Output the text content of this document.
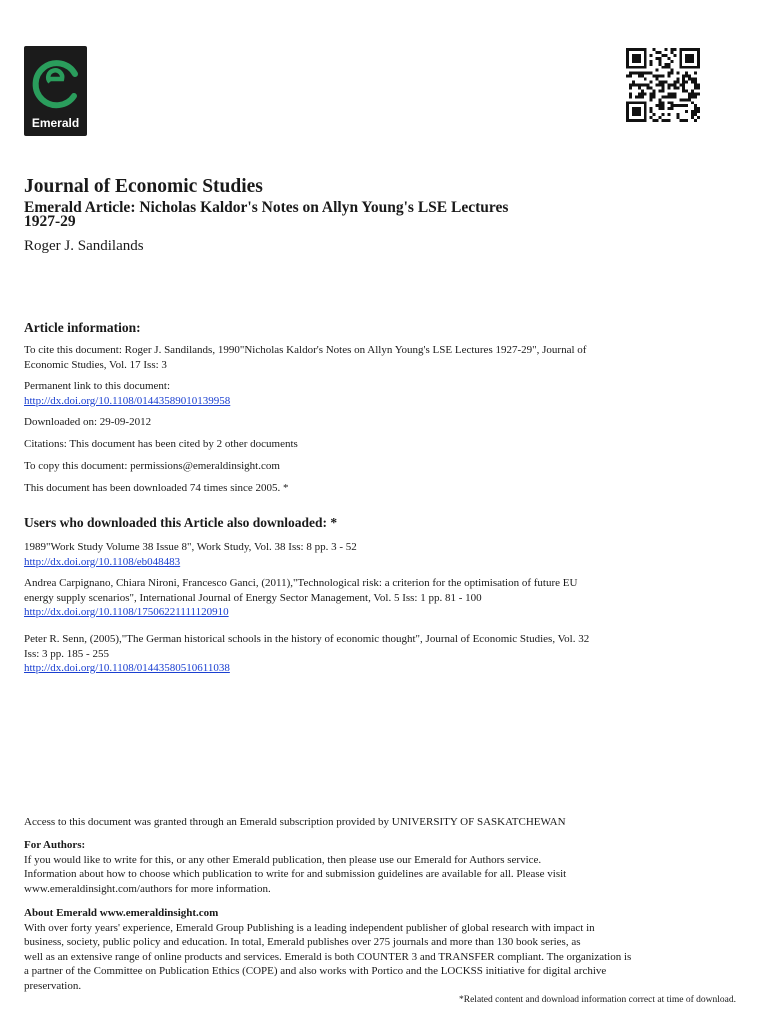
Emerald
Journal of Economic Studies
Emerald Article: Nicholas Kaldor's Notes on Allyn Young's LSE Lectures
1927-29
Roger J. Sandilands
Article information:
To cite this document: Roger J. Sandilands, 1990"Nicholas Kaldor's Notes on Allyn Young's LSE Lectures 1927-29", Journal of
Economic Studies, Vol. 17 Iss: 3
Permanent link to this document:
http://dx.doi.org/10.1108/01443589010139958
Downloaded on: 29-09-2012
Citations: This document has been cited by 2 other documents
To copy this document: permissions@emeraldinsight.com
This document has been downloaded 74 times since 2005. *
Users who downloaded this Article also downloaded: *
1989"Work Study Volume 38 Issue 8", Work Study, Vol. 38 Iss: 8 pp. 3 - 52
http://dx.doi.org/10.1108/eb048483
Andrea Carpignano, Chiara Nironi, Francesco Ganci, (2011),"Technological risk: a criterion for the optimisation of future EU
energy supply scenarios", International Journal of Energy Sector Management, Vol. 5 Iss: 1 pp. 81 - 100
http://dx.doi.org/10.1108/17506221111120910
Peter R. Senn, (2005),"The German historical schools in the history of economic thought", Journal of Economic Studies, Vol. 32
Iss: 3 pp. 185 - 255
http://dx.doi.org/10.1108/01443580510611038
Access to this document was granted through an Emerald subscription provided by UNIVERSITY OF SASKATCHEWAN
For Authors:
If you would like to write for this, or any other Emerald publication, then please use our Emerald for Authors service.
Information about how to choose which publication to write for and submission guidelines are available for all. Please visit
www.emeraldinsight.com/authors for more information.
About Emerald www.emeraldinsight.com
With over forty years' experience, Emerald Group Publishing is a leading independent publisher of global research with impact in
business, society, public policy and education. In total, Emerald publishes over 275 journals and more than 130 book series, as
well as an extensive range of online products and services. Emerald is both COUNTER 3 and TRANSFER compliant. The organization is
a partner of the Committee on Publication Ethics (COPE) and also works with Portico and the LOCKSS initiative for digital archive
preservation.
*Related content and download information correct at time of download.
